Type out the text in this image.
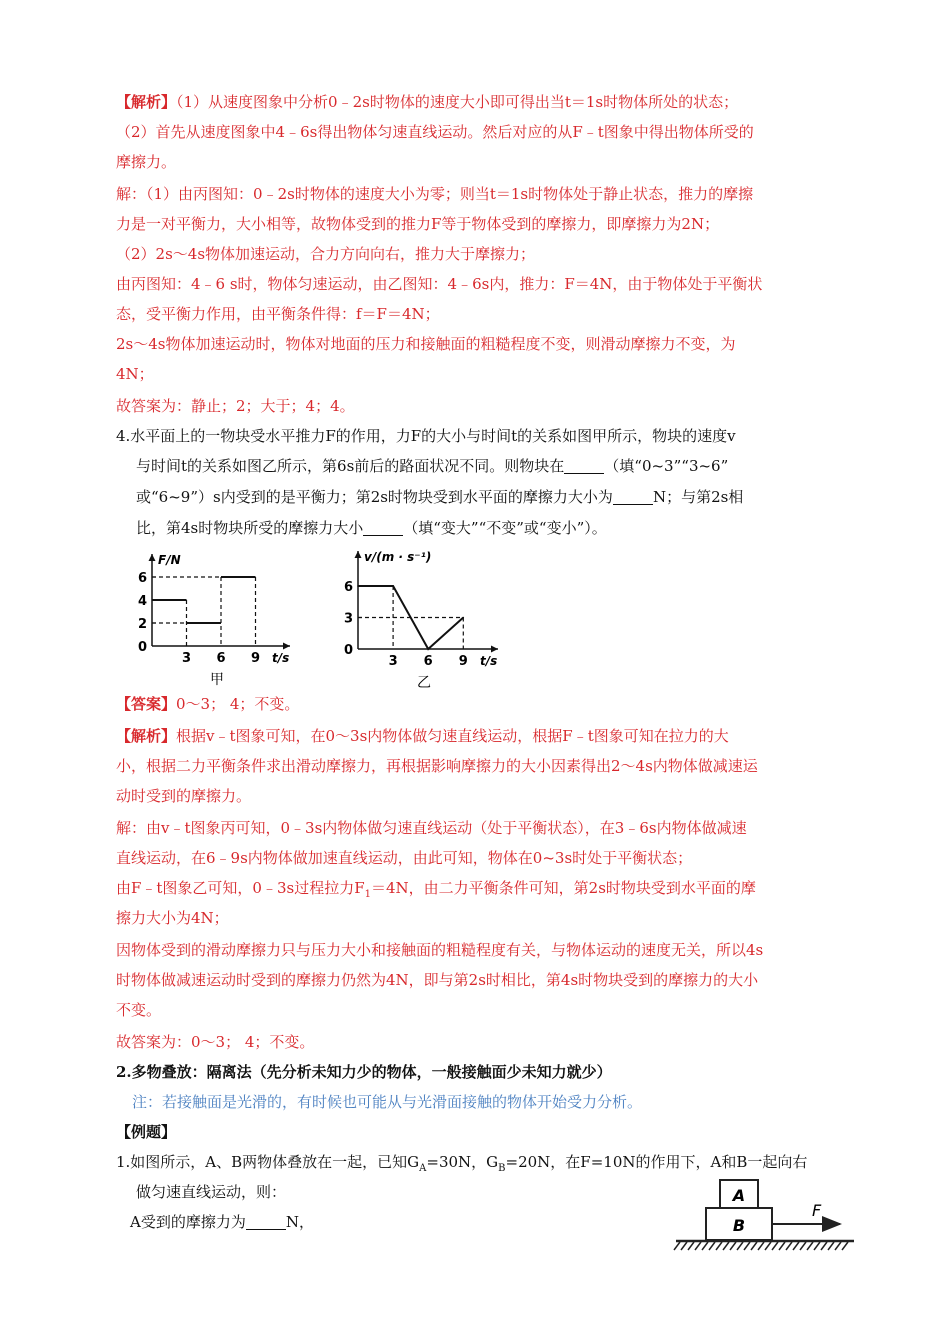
【解析】（1）从速度图象中分析0﹣2s时物体的速度大小即可得出当t＝1s时物体所处的状态；
（2）首先从速度图象中4﹣6s得出物体匀速直线运动。然后对应的从F﹣t图象中得出物体所受的
摩擦力。
解：（1）由丙图知：0﹣2s时物体的速度大小为零；则当t＝1s时物体处于静止状态，推力的摩擦
力是一对平衡力，大小相等，故物体受到的推力F等于物体受到的摩擦力，即摩擦力为2N；
（2）2s～4s物体加速运动，合力方向向右，推力大于摩擦力；
由丙图知：4﹣6 s时，物体匀速运动，由乙图知：4﹣6s内，推力：F＝4N，由于物体处于平衡状
态，受平衡力作用，由平衡条件得：f＝F＝4N；
2s～4s物体加速运动时，物体对地面的压力和接触面的粗糙程度不变，则滑动摩擦力不变，为
4N；
故答案为：静止；2；大于；4；4。
4.水平面上的一物块受水平推力F的作用，力F的大小与时间t的关系如图甲所示，物块的速度v
与时间t的关系如图乙所示，第6s前后的路面状况不同。则物块在	（填“0~3”“3~6”
或“6~9”）s内受到的是平衡力；第2s时物块受到水平面的摩擦力大小为	N；与第2s相
比，第4s时物块所受的摩擦力大小	（填“变大”“不变”或“变小”）。
F/N
t/s
0
2
4
6
3 6 9
甲
v/(m · s⁻¹)
t/s
0
3
6
3 6 9
乙
【答案】0～3； 4；不变。
【解析】根据v﹣t图象可知，在0～3s内物体做匀速直线运动，根据F﹣t图象可知在拉力的大
小，根据二力平衡条件求出滑动摩擦力，再根据影响摩擦力的大小因素得出2～4s内物体做减速运
动时受到的摩擦力。
解：由v﹣t图象丙可知，0﹣3s内物体做匀速直线运动（处于平衡状态），在3﹣6s内物体做减速
直线运动，在6﹣9s内物体做加速直线运动，由此可知，物体在0~3s时处于平衡状态；
由F﹣t图象乙可知，0﹣3s过程拉力$F_1=4N$，由二力平衡条件可知，第2s时物块受到水平面的摩
擦力大小为4N；
因物体受到的滑动摩擦力只与压力大小和接触面的粗糙程度有关，与物体运动的速度无关，所以4s
时物体做减速运动时受到的摩擦力仍然为4N，即与第2s时相比，第4s时物块受到的摩擦力的大小
不变。
故答案为：0～3； 4；不变。
2.多物叠放：隔离法（先分析未知力少的物体，一般接触面少未知力就少）
注：若接触面是光滑的，有时候也可能从与光滑面接触的物体开始受力分析。
【例题】
1.如图所示，A、B两物体叠放在一起，已知$G_A=30N$，$G_B=20N$，在F=10N的作用下，A和B一起向右
做匀速直线运动，则：
A受到的摩擦力为	N，
A
B
F
